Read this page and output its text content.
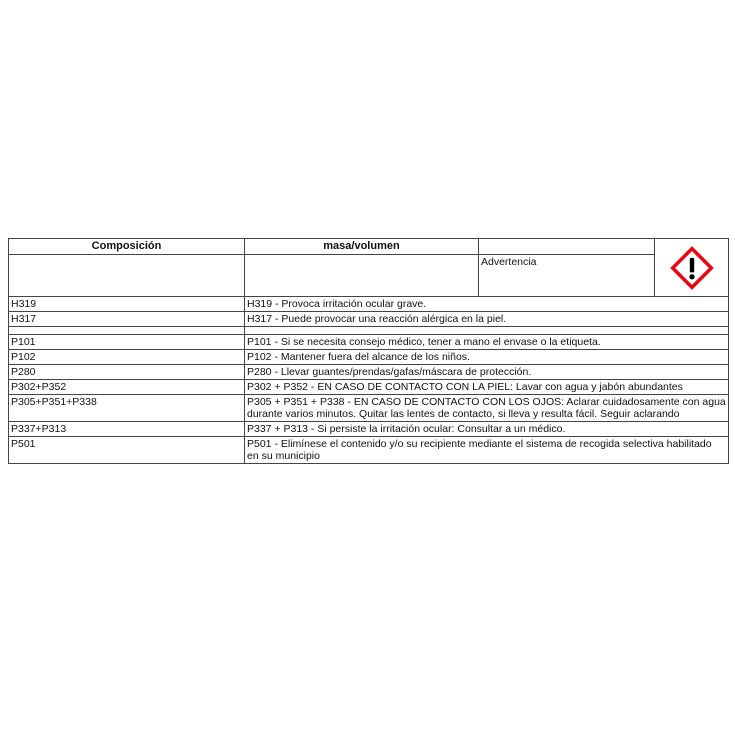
Composición	masa/volumen		

		Advertencia	
H319	H319 - Provoca irritación ocular grave.		
H317	H317 - Puede provocar una reacción alérgica en la piel.		

P101	P101 - Si se necesita consejo médico, tener a mano el envase o la etiqueta.		
P102	P102 - Mantener fuera del alcance de los niños.		
P280	P280 - Llevar guantes/prendas/gafas/máscara de protección.		
P302+P352	P302 + P352 - EN CASO DE CONTACTO CON LA PIEL: Lavar con agua y jabón abundantes		
P305+P351+P338	P305 + P351 + P338 - EN CASO DE CONTACTO CON LOS OJOS: Aclarar cuidadosamente con agua durante varios minutos. Quitar las lentes de contacto, si lleva y resulta fácil. Seguir aclarando		
P337+P313	P337 + P313 - Si persiste la irritación ocular: Consultar a un médico.		
P501	P501 - Elimínese el contenido y/o su recipiente mediante el sistema de recogida selectiva habilitado en su municipio		
